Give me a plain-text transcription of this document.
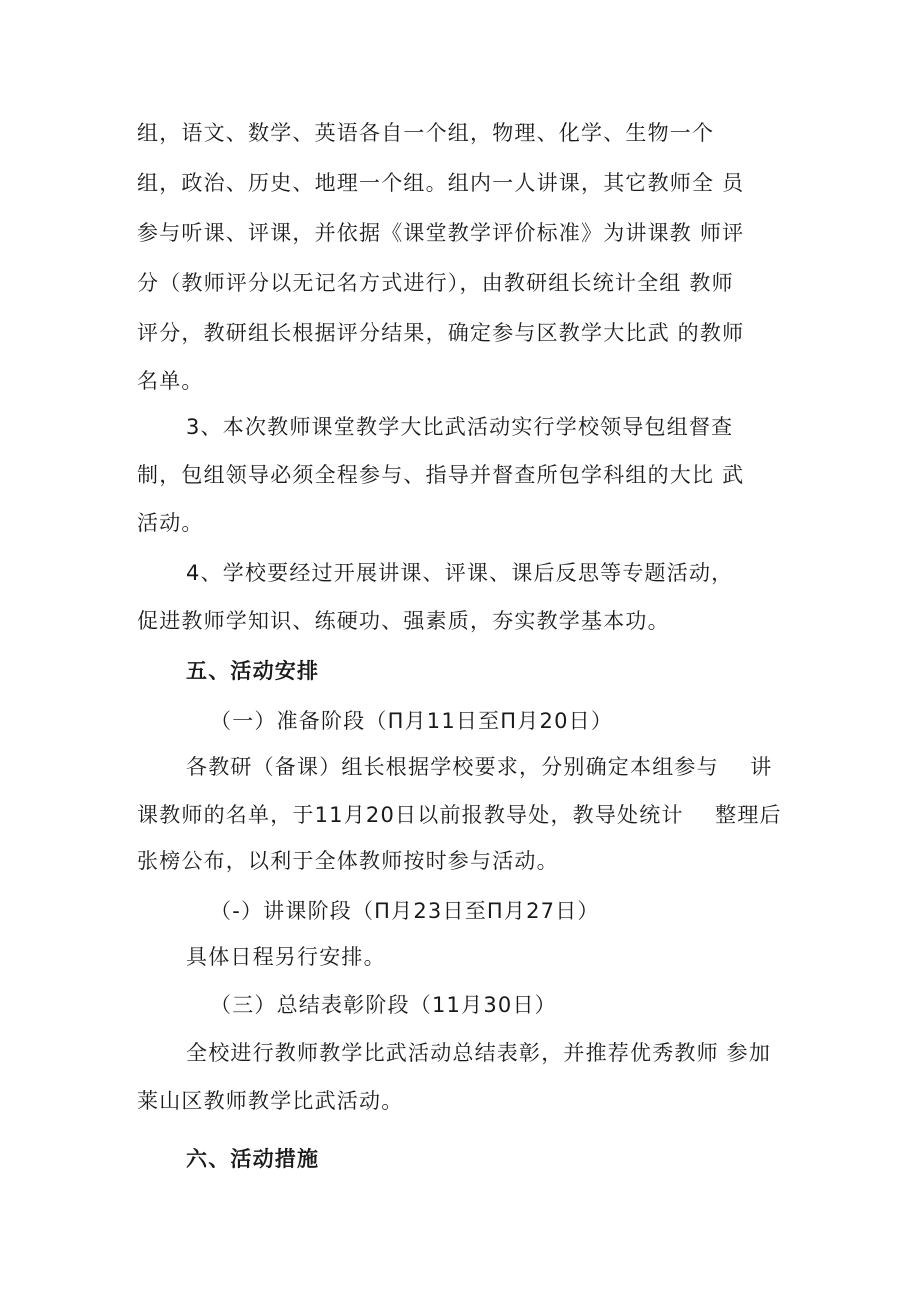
组，语文、数学、英语各自一个组，物理、化学、生物一个
组，政治、历史、地理一个组。组内一人讲课，其它教师全 员
参与听课、评课，并依据《课堂教学评价标准》为讲课教 师评
分（教师评分以无记名方式进行），由教研组长统计全组 教师
评分，教研组长根据评分结果，确定参与区教学大比武 的教师
名单。
3、本次教师课堂教学大比武活动实行学校领导包组督查
制，包组领导必须全程参与、指导并督查所包学科组的大比 武
活动。
4、学校要经过开展讲课、评课、课后反思等专题活动，
促进教师学知识、练硬功、强素质，夯实教学基本功。
五、活动安排
（一）准备阶段（П月11日至П月20日）
各教研（备课）组长根据学校要求，分别确定本组参与    讲
课教师的名单，于11月20日以前报教导处，教导处统计    整理后
张榜公布，以利于全体教师按时参与活动。
（-）讲课阶段（П月23日至П月27日）
具体日程另行安排。
（三）总结表彰阶段（11月30日）
全校进行教师教学比武活动总结表彰，并推荐优秀教师 参加
莱山区教师教学比武活动。
六、活动措施
